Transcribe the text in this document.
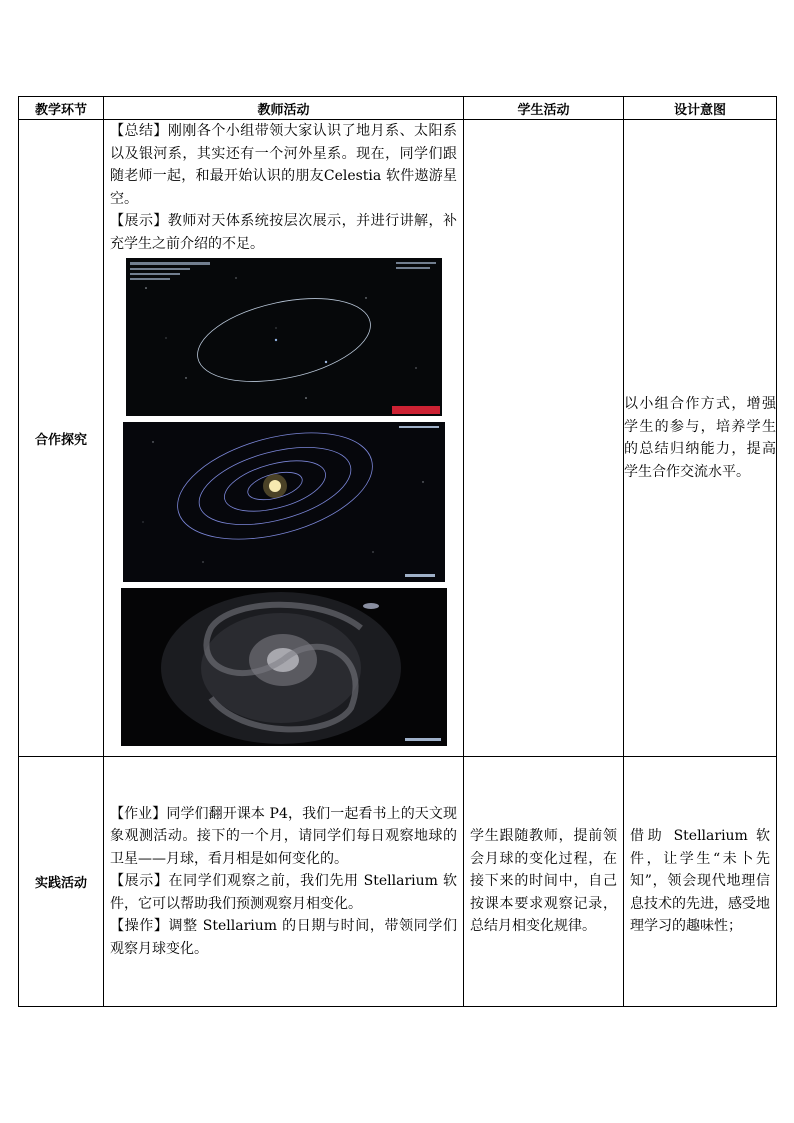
教学环节	教师活动	学生活动	设计意图
合作探究	【总结】刚刚各个小组带领大家认识了地月系、太阳系以及银河系，其实还有一个河外星系。现在，同学们跟随老师一起，和最开始认识的朋友Celestia 软件遨游星空。

【展示】教师对天体系统按层次展示，并进行讲解，补充学生之前介绍的不足。		以小组合作方式，增强学生的参与，培养学生的总结归纳能力，提高学生合作交流水平。
实践活动	【作业】同学们翻开课本 P4，我们一起看书上的天文现象观测活动。接下的一个月，请同学们每日观察地球的卫星——月球，看月相是如何变化的。

【展示】在同学们观察之前，我们先用 Stellarium 软件，它可以帮助我们预测观察月相变化。

【操作】调整 Stellarium 的日期与时间，带领同学们观察月球变化。	学生跟随教师，提前领会月球的变化过程，在接下来的时间中，自己按课本要求观察记录，总结月相变化规律。	借助 Stellarium 软件，让学生“未卜先知”，领会现代地理信息技术的先进，感受地理学习的趣味性；
